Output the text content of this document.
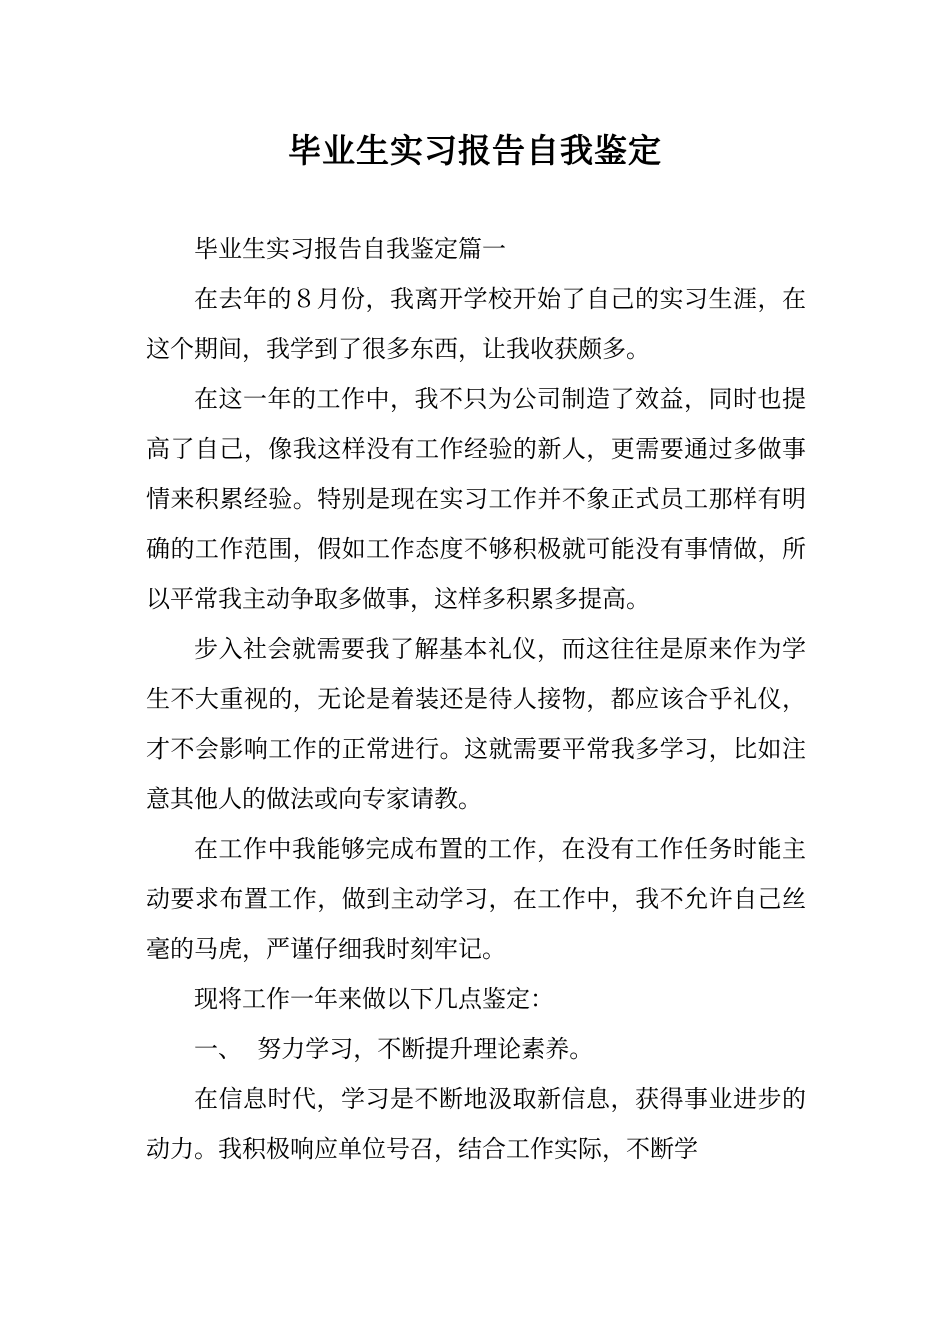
毕业生实习报告自我鉴定

毕业生实习报告自我鉴定篇一

在去年的８月份，我离开学校开始了自己的实习生涯，在这个期间，我学到了很多东西，让我收获颇多。

在这一年的工作中，我不只为公司制造了效益，同时也提高了自己，像我这样没有工作经验的新人，更需要通过多做事情来积累经验。特别是现在实习工作并不象正式员工那样有明确的工作范围，假如工作态度不够积极就可能没有事情做，所以平常我主动争取多做事，这样多积累多提高。

步入社会就需要我了解基本礼仪，而这往往是原来作为学生不大重视的，无论是着装还是待人接物，都应该合乎礼仪，才不会影响工作的正常进行。这就需要平常我多学习，比如注意其他人的做法或向专家请教。

在工作中我能够完成布置的工作，在没有工作任务时能主动要求布置工作，做到主动学习，在工作中，我不允许自己丝毫的马虎，严谨仔细我时刻牢记。

现将工作一年来做以下几点鉴定：

一、  努力学习，不断提升理论素养。

在信息时代，学习是不断地汲取新信息，获得事业进步的动力。我积极响应单位号召，结合工作实际，不断学
